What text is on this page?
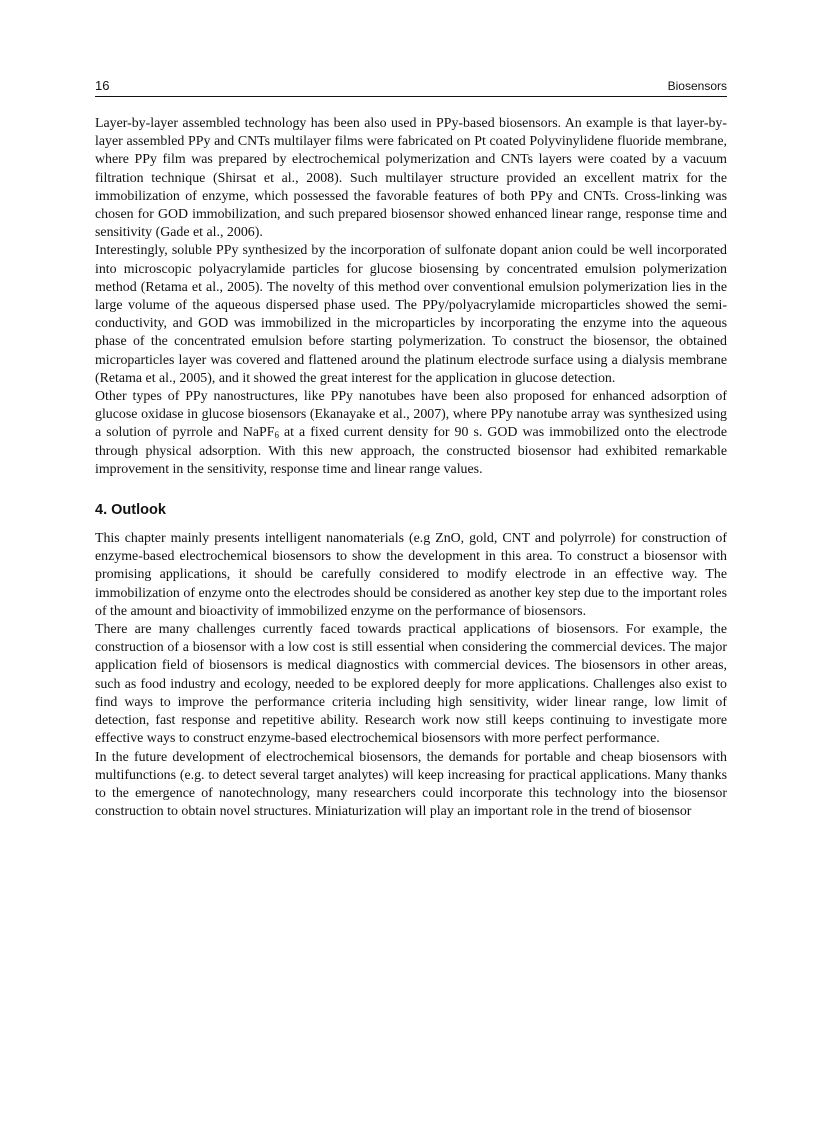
16	Biosensors

Layer-by-layer assembled technology has been also used in PPy-based biosensors. An example is that layer-by-layer assembled PPy and CNTs multilayer films were fabricated on Pt coated Polyvinylidene fluoride membrane, where PPy film was prepared by electrochemical polymerization and CNTs layers were coated by a vacuum filtration technique (Shirsat et al., 2008). Such multilayer structure provided an excellent matrix for the immobilization of enzyme, which possessed the favorable features of both PPy and CNTs. Cross-linking was chosen for GOD immobilization, and such prepared biosensor showed enhanced linear range, response time and sensitivity (Gade et al., 2006).

Interestingly, soluble PPy synthesized by the incorporation of sulfonate dopant anion could be well incorporated into microscopic polyacrylamide particles for glucose biosensing by concentrated emulsion polymerization method (Retama et al., 2005). The novelty of this method over conventional emulsion polymerization lies in the large volume of the aqueous dispersed phase used. The PPy/polyacrylamide microparticles showed the semi-conductivity, and GOD was immobilized in the microparticles by incorporating the enzyme into the aqueous phase of the concentrated emulsion before starting polymerization. To construct the biosensor, the obtained microparticles layer was covered and flattened around the platinum electrode surface using a dialysis membrane (Retama et al., 2005), and it showed the great interest for the application in glucose detection.

Other types of PPy nanostructures, like PPy nanotubes have been also proposed for enhanced adsorption of glucose oxidase in glucose biosensors (Ekanayake et al., 2007), where PPy nanotube array was synthesized using a solution of pyrrole and NaPF$_6$ at a fixed current density for 90 s. GOD was immobilized onto the electrode through physical adsorption. With this new approach, the constructed biosensor had exhibited remarkable improvement in the sensitivity, response time and linear range values.

4. Outlook

This chapter mainly presents intelligent nanomaterials (e.g ZnO, gold, CNT and polyrrole) for construction of enzyme-based electrochemical biosensors to show the development in this area. To construct a biosensor with promising applications, it should be carefully considered to modify electrode in an effective way. The immobilization of enzyme onto the electrodes should be considered as another key step due to the important roles of the amount and bioactivity of immobilized enzyme on the performance of biosensors.

There are many challenges currently faced towards practical applications of biosensors. For example, the construction of a biosensor with a low cost is still essential when considering the commercial devices. The major application field of biosensors is medical diagnostics with commercial devices. The biosensors in other areas, such as food industry and ecology, needed to be explored deeply for more applications. Challenges also exist to find ways to improve the performance criteria including high sensitivity, wider linear range, low limit of detection, fast response and repetitive ability. Research work now still keeps continuing to investigate more effective ways to construct enzyme-based electrochemical biosensors with more perfect performance.

In the future development of electrochemical biosensors, the demands for portable and cheap biosensors with multifunctions (e.g. to detect several target analytes) will keep increasing for practical applications. Many thanks to the emergence of nanotechnology, many researchers could incorporate this technology into the biosensor construction to obtain novel structures. Miniaturization will play an important role in the trend of biosensor
